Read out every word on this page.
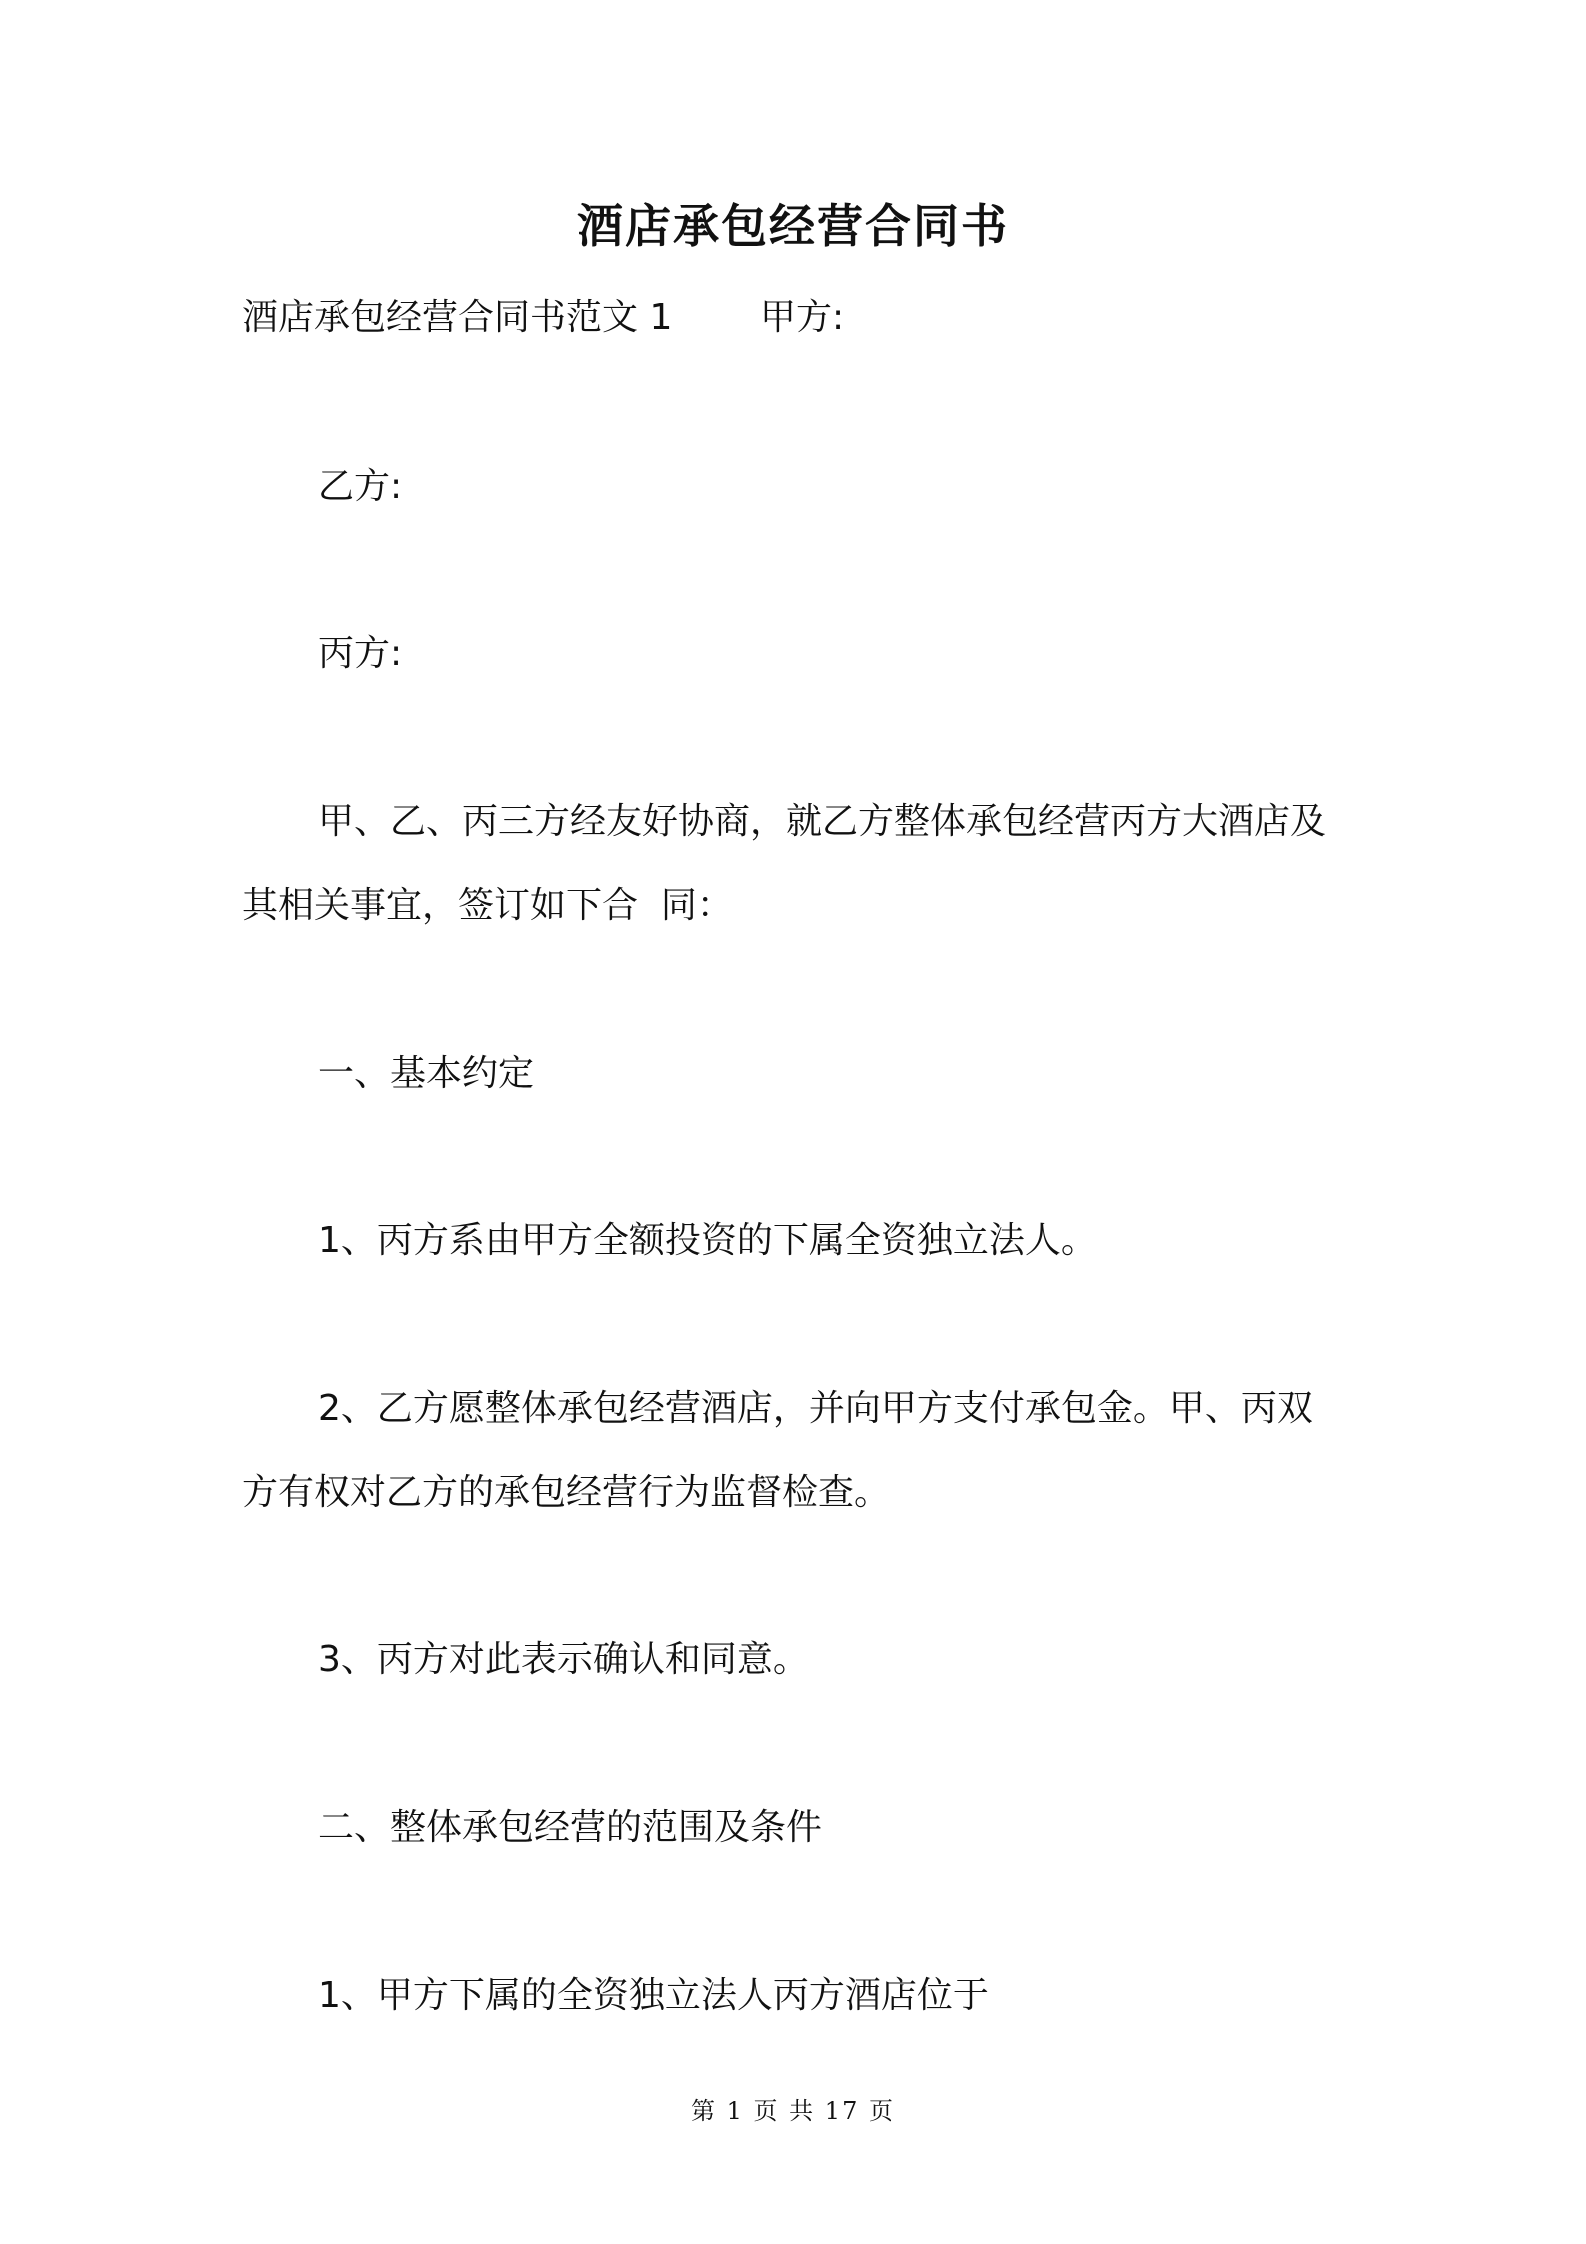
酒店承包经营合同书
酒店承包经营合同书范文 1 甲方:
乙方:
丙方:
甲、乙、丙三方经友好协商，就乙方整体承包经营丙方大酒店及
其相关事宜，签订如下合  同：
一、基本约定
1、丙方系由甲方全额投资的下属全资独立法人。
2、乙方愿整体承包经营酒店，并向甲方支付承包金。甲、丙双
方有权对乙方的承包经营行为监督检查。
3、丙方对此表示确认和同意。
二、整体承包经营的范围及条件
1、甲方下属的全资独立法人丙方酒店位于
第 1 页 共 17 页
